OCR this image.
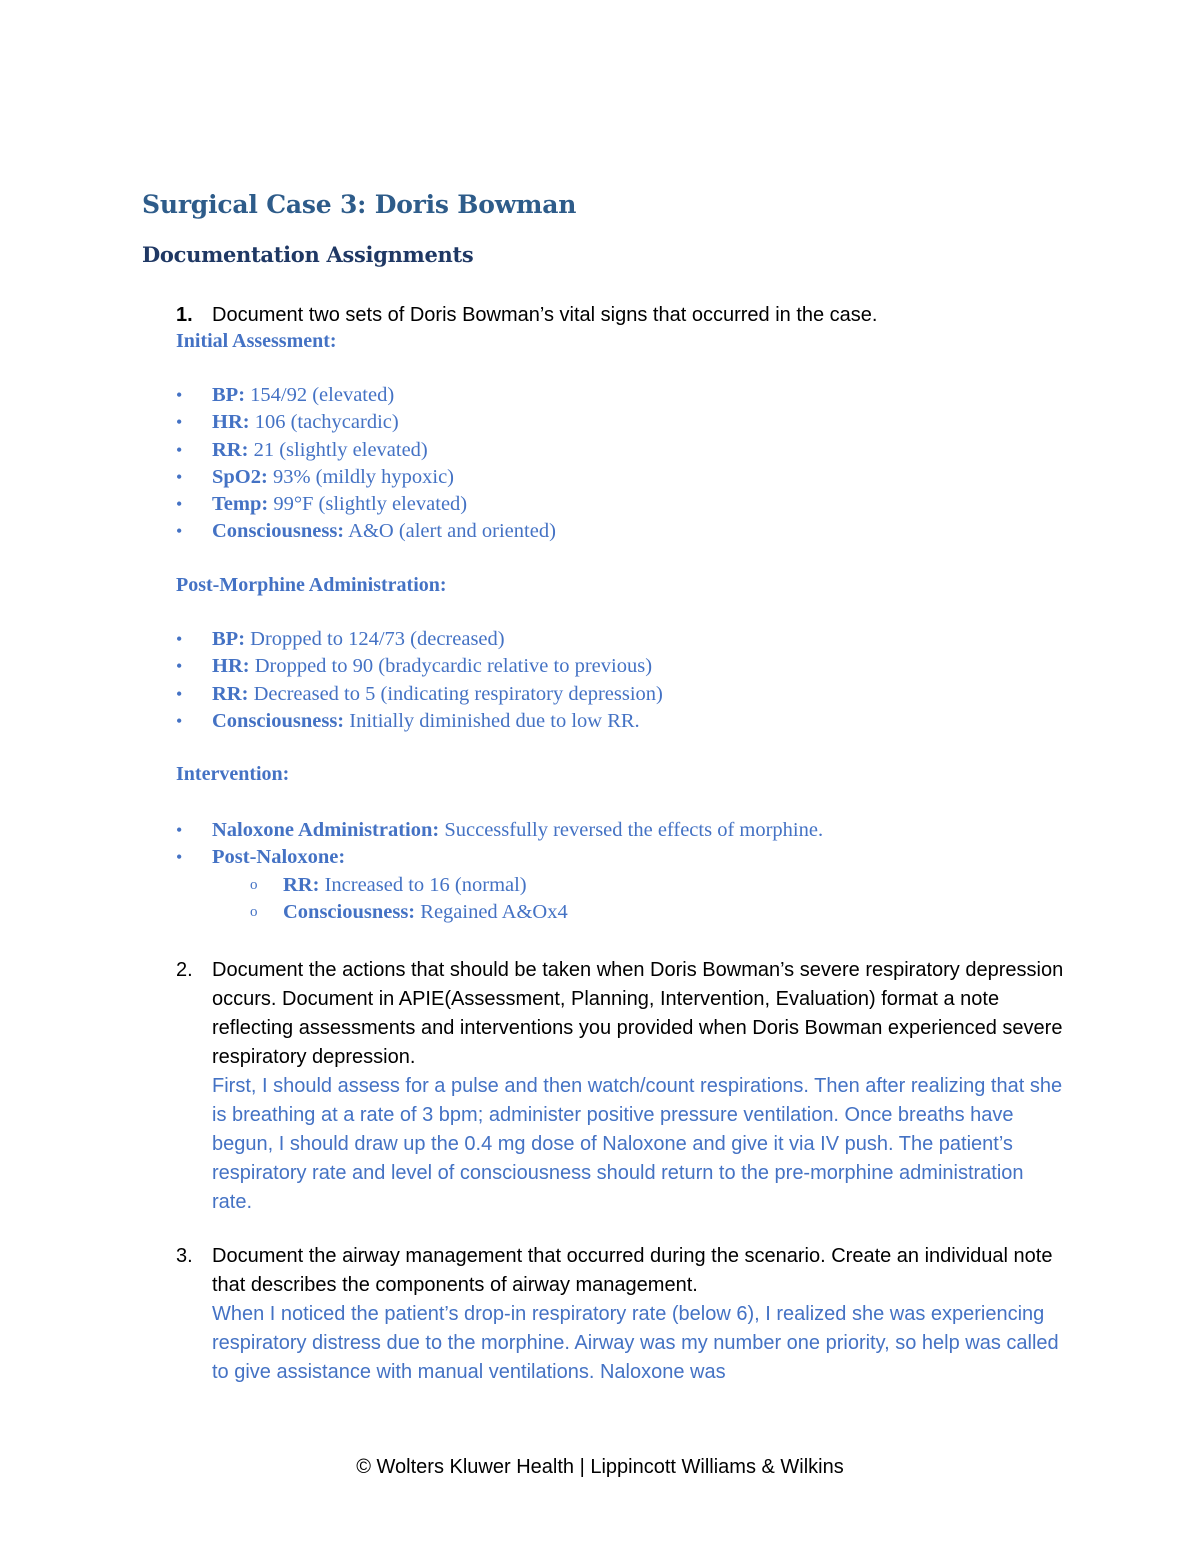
Surgical Case 3: Doris Bowman
Documentation Assignments
1. Document two sets of Doris Bowman’s vital signs that occurred in the case.
Initial Assessment:
• BP: 154/92 (elevated)
• HR: 106 (tachycardic)
• RR: 21 (slightly elevated)
• SpO2: 93% (mildly hypoxic)
• Temp: 99°F (slightly elevated)
• Consciousness: A&O (alert and oriented)
Post-Morphine Administration:
• BP: Dropped to 124/73 (decreased)
• HR: Dropped to 90 (bradycardic relative to previous)
• RR: Decreased to 5 (indicating respiratory depression)
• Consciousness: Initially diminished due to low RR.
Intervention:
• Naloxone Administration: Successfully reversed the effects of morphine.
• Post-Naloxone:
o RR: Increased to 16 (normal)
o Consciousness: Regained A&Ox4
2. Document the actions that should be taken when Doris Bowman’s severe respiratory depression occurs. Document in APIE(Assessment, Planning, Intervention, Evaluation) format a note reflecting assessments and interventions you provided when Doris Bowman experienced severe respiratory depression.
First, I should assess for a pulse and then watch/count respirations. Then after realizing that she is breathing at a rate of 3 bpm; administer positive pressure ventilation. Once breaths have begun, I should draw up the 0.4 mg dose of Naloxone and give it via IV push. The patient’s respiratory rate and level of consciousness should return to the pre-morphine administration rate.
3. Document the airway management that occurred during the scenario. Create an individual note that describes the components of airway management.
When I noticed the patient’s drop-in respiratory rate (below 6), I realized she was experiencing respiratory distress due to the morphine. Airway was my number one priority, so help was called to give assistance with manual ventilations. Naloxone was
© Wolters Kluwer Health | Lippincott Williams & Wilkins
